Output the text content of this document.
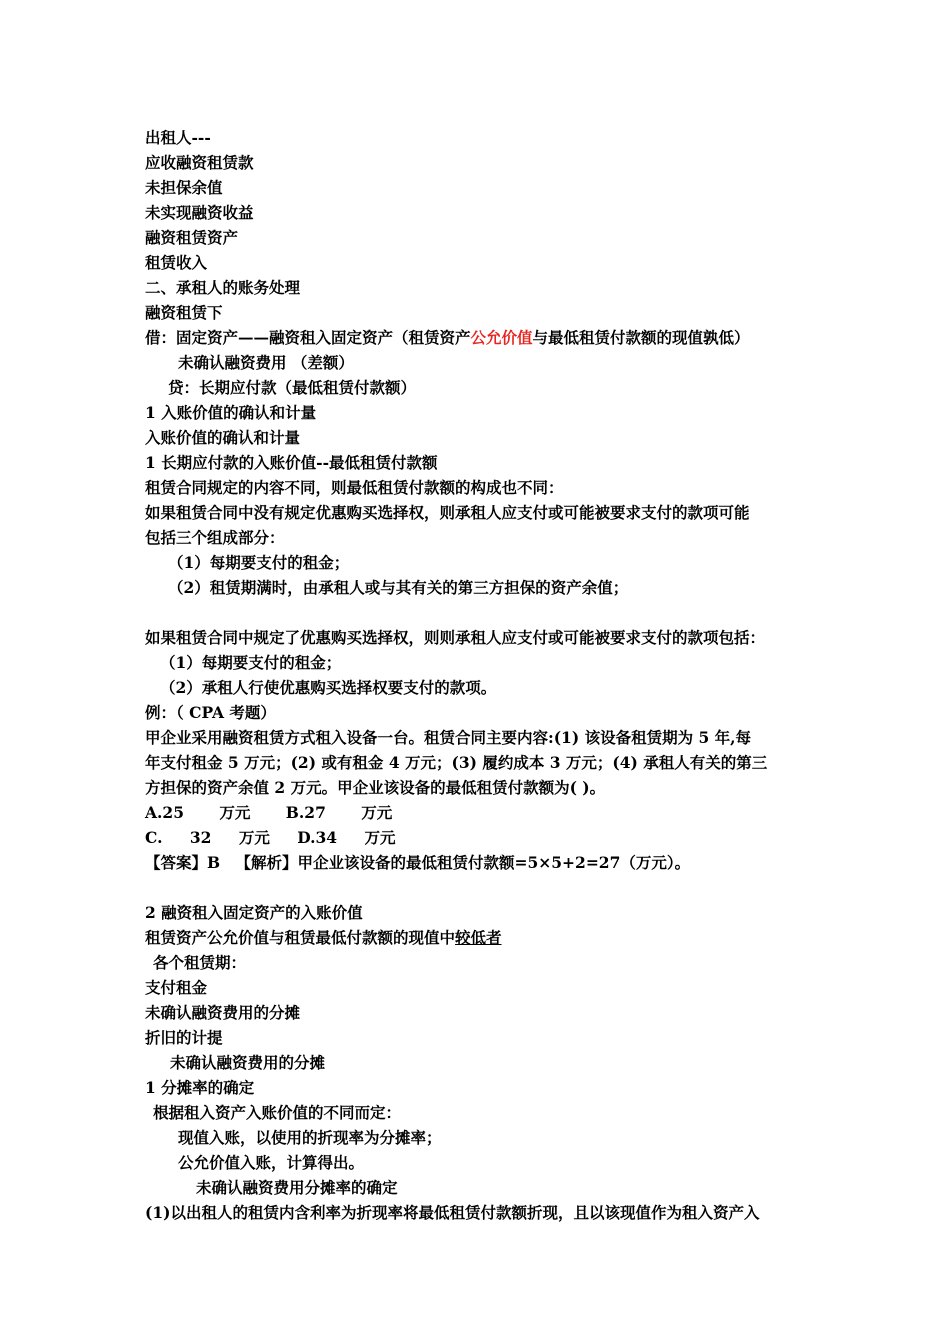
出租人---

应收融资租赁款

未担保余值

未实现融资收益

融资租赁资产

租赁收入

二、承租人的账务处理

融资租赁下

借：固定资产——融资租入固定资产（租赁资产公允价值与最低租赁付款额的现值孰低）

未确认融资费用 （差额）

贷：长期应付款（最低租赁付款额）

1 入账价值的确认和计量

入账价值的确认和计量

1 长期应付款的入账价值--最低租赁付款额

租赁合同规定的内容不同，则最低租赁付款额的构成也不同：

如果租赁合同中没有规定优惠购买选择权，则承租人应支付或可能被要求支付的款项可能

包括三个组成部分：

（1）每期要支付的租金；

（2）租赁期满时，由承租人或与其有关的第三方担保的资产余值；

如果租赁合同中规定了优惠购买选择权，则则承租人应支付或可能被要求支付的款项包括：

（1）每期要支付的租金；

（2）承租人行使优惠购买选择权要支付的款项。

例：（ CPA 考题）

甲企业采用融资租赁方式租入设备一台。租赁合同主要内容:(1) 该设备租赁期为 5 年,每

年支付租金 5 万元；(2) 或有租金 4 万元；(3) 履约成本 3 万元；(4) 承租人有关的第三

方担保的资产余值 2 万元。甲企业该设备的最低租赁付款额为( )。

A.25 万元 B.27 万元

C. 32 万元 D.34 万元

【答案】B 【解析】甲企业该设备的最低租赁付款额=5×5+2=27（万元）。

2 融资租入固定资产的入账价值

租赁资产公允价值与租赁最低付款额的现值中较低者

各个租赁期：

支付租金

未确认融资费用的分摊

折旧的计提

未确认融资费用的分摊

1 分摊率的确定

根据租入资产入账价值的不同而定：

现值入账，以使用的折现率为分摊率；

公允价值入账，计算得出。

未确认融资费用分摊率的确定

(1)以出租人的租赁内含利率为折现率将最低租赁付款额折现，且以该现值作为租入资产入
